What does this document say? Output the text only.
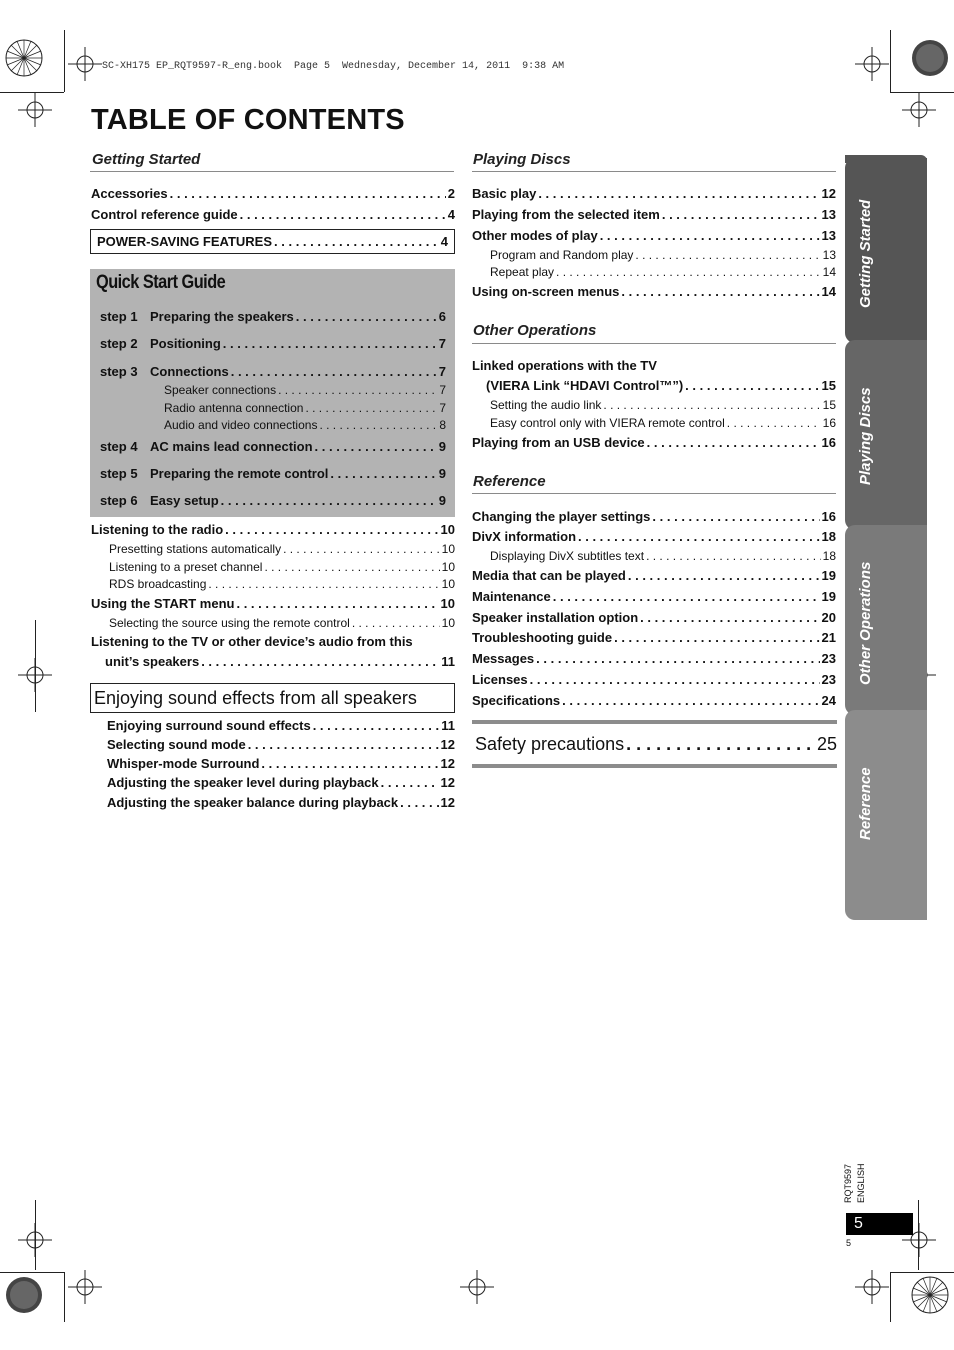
SC-XH175 EP_RQT9597-R_eng.book  Page 5  Wednesday, December 14, 2011  9:38 AM
TABLE OF CONTENTS
Getting Started
Accessories . . .	2
Control reference guide . . .	4
POWER-SAVING FEATURES . . .	4
Quick Start Guide
step 1 Preparing the speakers . . .	6
step 2 Positioning . . .	7
step 3 Connections . . .	7
Speaker connections . . .	7
Radio antenna connection . . .	7
Audio and video connections . . .	8
step 4 AC mains lead connection . . .	9
step 5 Preparing the remote control . . .	9
step 6 Easy setup . . .	9
Listening to the radio . . .	10
Presetting stations automatically . . .	10
Listening to a preset channel . . .	10
RDS broadcasting . . .	10
Using the START menu . . .	10
Selecting the source using the remote control . . .	10
Listening to the TV or other device’s audio from this
unit’s speakers . . .	11
Enjoying sound effects from all speakers
Enjoying surround sound effects . . .	11
Selecting sound mode . . .	12
Whisper-mode Surround . . .	12
Adjusting the speaker level during playback . . .	12
Adjusting the speaker balance during playback . . .	12
Playing Discs
Basic play . . .	12
Playing from the selected item . . .	13
Other modes of play . . .	13
Program and Random play . . .	13
Repeat play . . .	14
Using on-screen menus . . .	14
Other Operations
Linked operations with the TV
(VIERA Link “HDAVI Control™”) . . .	15
Setting the audio link . . .	15
Easy control only with VIERA remote control . . .	16
Playing from an USB device . . .	16
Reference
Changing the player settings . . .	16
DivX information . . .	18
Displaying DivX subtitles text . . .	18
Media that can be played . . .	19
Maintenance . . .	19
Speaker installation option . . .	20
Troubleshooting guide . . .	21
Messages . . .	23
Licenses . . .	23
Specifications . . .	24
Safety precautions . . .	25
Getting Started
Playing Discs
Other Operations
Reference
RQT9597 ENGLISH
5
5
